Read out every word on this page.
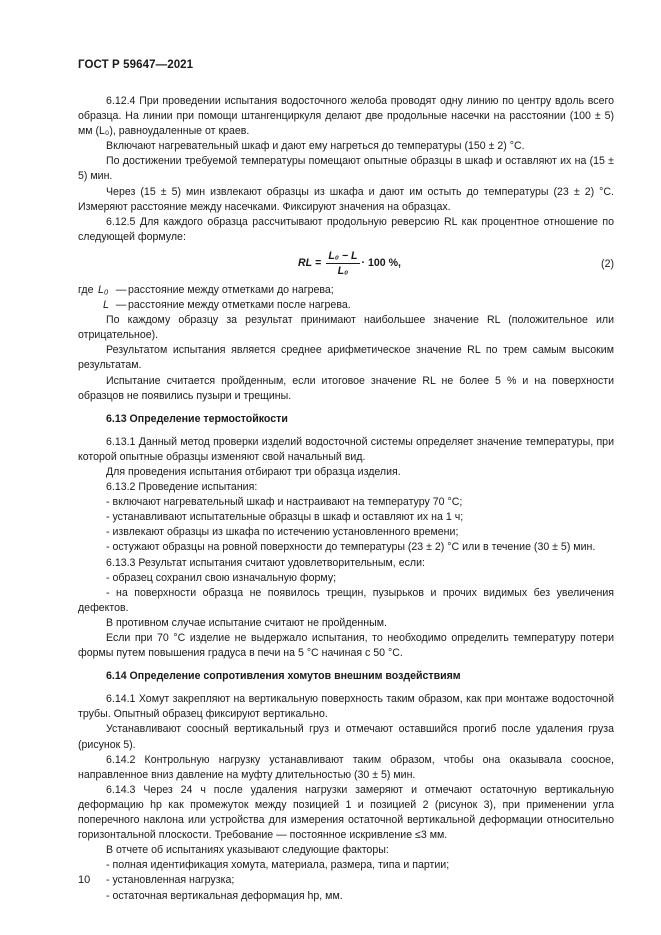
ГОСТ Р 59647—2021

6.12.4 При проведении испытания водосточного желоба проводят одну линию по центру вдоль всего образца. На линии при помощи штангенциркуля делают две продольные насечки на расстоянии (100 ± 5) мм (L₀), равноудаленные от краев.

Включают нагревательный шкаф и дают ему нагреться до температуры (150 ± 2) °C.

По достижении требуемой температуры помещают опытные образцы в шкаф и оставляют их на (15 ± 5) мин.

Через (15 ± 5) мин извлекают образцы из шкафа и дают им остыть до температуры (23 ± 2) °C. Измеряют расстояние между насечками. Фиксируют значения на образцах.

6.12.5 Для каждого образца рассчитывают продольную реверсию RL как процентное отношение по следующей формуле:

RL = $\frac{\text{L₀ − L}}{\text{L₀}} \cdot 100$ %,	(2)
где L₀ — расстояние между отметками до нагрева;
L — расстояние между отметками после нагрева.

По каждому образцу за результат принимают наибольшее значение RL (положительное или отрицательное).

Результатом испытания является среднее арифметическое значение RL по трем самым высоким результатам.

Испытание считается пройденным, если итоговое значение RL не более 5 % и на поверхности образцов не появились пузыри и трещины.

6.13 Определение термостойкости

6.13.1 Данный метод проверки изделий водосточной системы определяет значение температуры, при которой опытные образцы изменяют свой начальный вид.

Для проведения испытания отбирают три образца изделия.

6.13.2 Проведение испытания:

- включают нагревательный шкаф и настраивают на температуру 70 °C;

- устанавливают испытательные образцы в шкаф и оставляют их на 1 ч;

- извлекают образцы из шкафа по истечению установленного времени;

- остужают образцы на ровной поверхности до температуры (23 ± 2) °C или в течение (30 ± 5) мин.

6.13.3 Результат испытания считают удовлетворительным, если:

- образец сохранил свою изначальную форму;

- на поверхности образца не появилось трещин, пузырьков и прочих видимых без увеличения дефектов.

В противном случае испытание считают не пройденным.

Если при 70 °C изделие не выдержало испытания, то необходимо определить температуру потери формы путем повышения градуса в печи на 5 °C начиная с 50 °C.

6.14 Определение сопротивления хомутов внешним воздействиям

6.14.1 Хомут закрепляют на вертикальную поверхность таким образом, как при монтаже водосточной трубы. Опытный образец фиксируют вертикально.

Устанавливают соосный вертикальный груз и отмечают оставшийся прогиб после удаления груза (рисунок 5).

6.14.2 Контрольную нагрузку устанавливают таким образом, чтобы она оказывала соосное, направленное вниз давление на муфту длительностью (30 ± 5) мин.

6.14.3 Через 24 ч после удаления нагрузки замеряют и отмечают остаточную вертикальную деформацию hp как промежуток между позицией 1 и позицией 2 (рисунок 3), при применении угла поперечного наклона или устройства для измерения остаточной вертикальной деформации относительно горизонтальной плоскости. Требование — постоянное искривление ≤3 мм.

В отчете об испытаниях указывают следующие факторы:

- полная идентификация хомута, материала, размера, типа и партии;

- установленная нагрузка;

- остаточная вертикальная деформация hp, мм.

10
